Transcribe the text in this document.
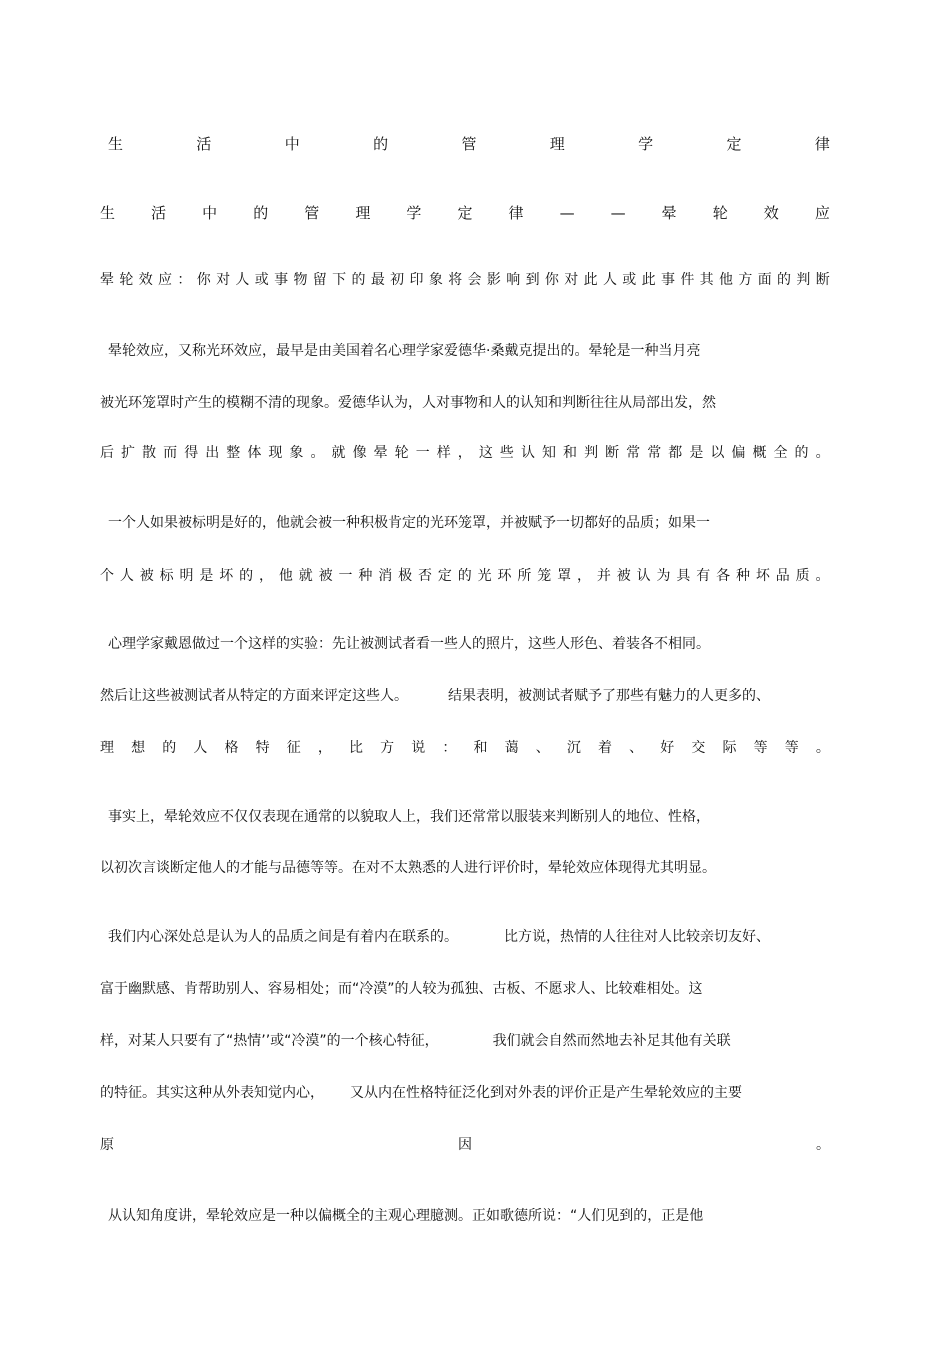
生	活	中	的	管	理	学	定	律
生 活 中 的 管 理 学 定 律 — — 晕 轮 效 应
晕 轮 效 应 ： 你 对 人 或 事 物 留 下 的 最 初 印 象 将 会 影 响 到 你 对 此 人 或 此 事 件 其 他 方 面 的 判 断
晕轮效应，又称光环效应，最早是由美国着名心理学家爱德华·桑戴克提出的。晕轮是一种当月亮
被光环笼罩时产生的模糊不清的现象。爱德华认为，人对事物和人的认知和判断往往从局部出发，然
后 扩 散 而 得 出 整 体 现 象 。 就 像 晕 轮 一 样 ， 这 些 认 知 和 判 断 常 常 都 是 以 偏 概 全 的 。
一个人如果被标明是好的，他就会被一种积极肯定的光环笼罩，并被赋予一切都好的品质；如果一
个 人 被 标 明 是 坏 的 ， 他 就 被 一 种 消 极 否 定 的 光 环 所 笼 罩 ， 并 被 认 为 具 有 各 种 坏 品 质 。
心理学家戴恩做过一个这样的实验：先让被测试者看一些人的照片，这些人形色、着装各不相同。
然后让这些被测试者从特定的方面来评定这些人。	结果表明，被测试者赋予了那些有魅力的人更多的、
理 想 的 人 格 特 征 ， 比 方 说 ： 和 蔼 、 沉 着 、 好 交 际 等 等 。
事实上，晕轮效应不仅仅表现在通常的以貌取人上，我们还常常以服装来判断别人的地位、性格，
以初次言谈断定他人的才能与品德等等。在对不太熟悉的人进行评价时，晕轮效应体现得尤其明显。
我们内心深处总是认为人的品质之间是有着内在联系的。	比方说，热情的人往往对人比较亲切友好、
富于幽默感、肯帮助别人、容易相处；而“冷漠”的人较为孤独、古板、不愿求人、比较难相处。这
样，对某人只要有了“热情’’或“冷漠”的一个核心特征，	我们就会自然而然地去补足其他有关联
的特征。其实这种从外表知觉内心， 又从内在性格特征泛化到对外表的评价正是产生晕轮效应的主要
原	因	。
从认知角度讲，晕轮效应是一种以偏概全的主观心理臆测。正如歌德所说：“人们见到的，正是他
